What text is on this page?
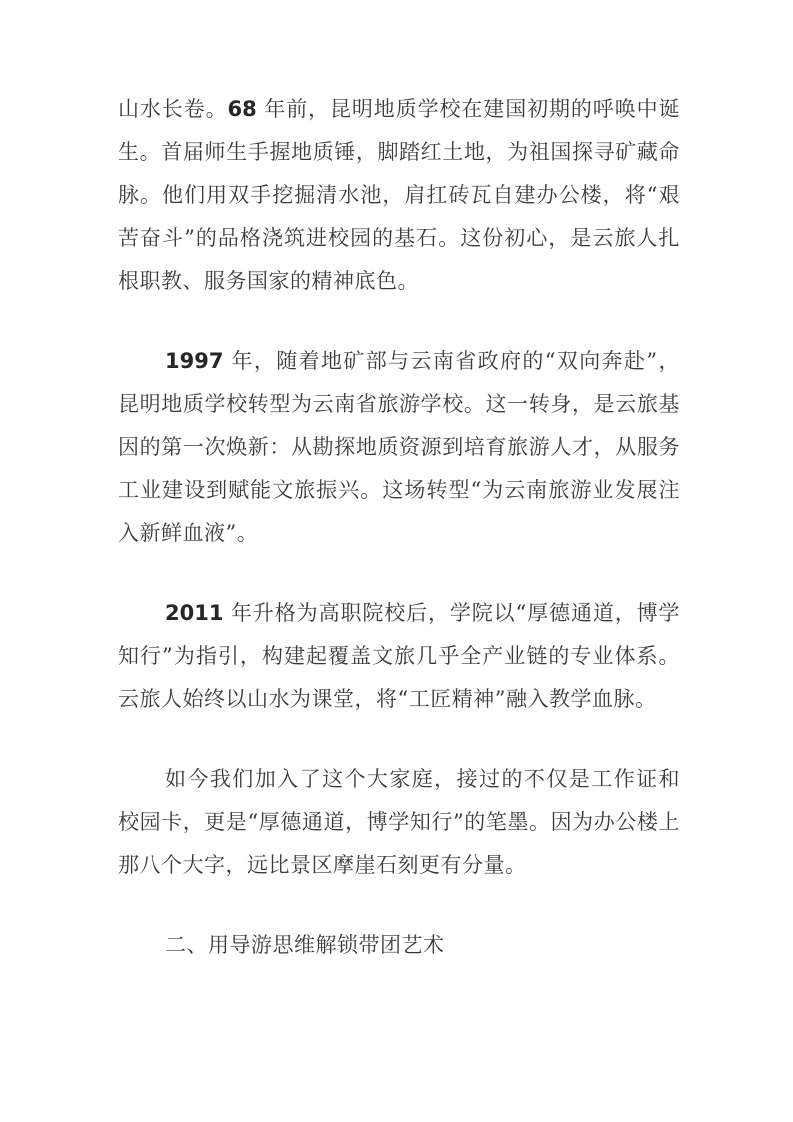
山水长卷。68 年前，昆明地质学校在建国初期的呼唤中诞生。首届师生手握地质锤，脚踏红土地，为祖国探寻矿藏命脉。他们用双手挖掘清水池，肩扛砖瓦自建办公楼，将“艰苦奋斗”的品格浇筑进校园的基石。这份初心，是云旅人扎根职教、服务国家的精神底色。

1997 年，随着地矿部与云南省政府的“双向奔赴”，昆明地质学校转型为云南省旅游学校。这一转身，是云旅基因的第一次焕新：从勘探地质资源到培育旅游人才，从服务工业建设到赋能文旅振兴。这场转型“为云南旅游业发展注入新鲜血液”。

2011 年升格为高职院校后，学院以“厚德通道，博学知行”为指引，构建起覆盖文旅几乎全产业链的专业体系。云旅人始终以山水为课堂，将“工匠精神”融入教学血脉。

如今我们加入了这个大家庭，接过的不仅是工作证和校园卡，更是“厚德通道，博学知行”的笔墨。因为办公楼上那八个大字，远比景区摩崖石刻更有分量。

二、用导游思维解锁带团艺术
